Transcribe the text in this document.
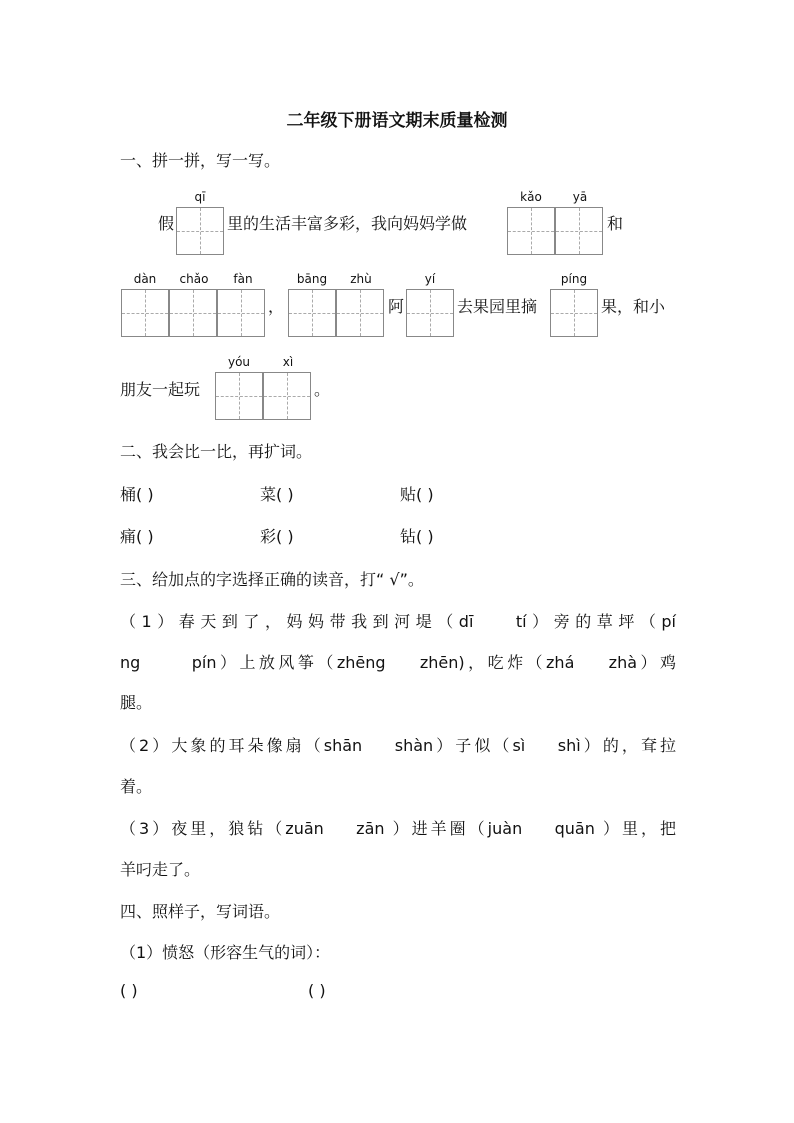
二年级下册语文期末质量检测
一、拼一拼，写一写。
qī	kǎo	yā
假	里的生活丰富多彩，我向妈妈学做	和
dàn	chǎo	fàn	bāng	zhù	yí	píng
，	阿	去果园里摘	果，和小
yóu	xì
朋友一起玩	。
二、我会比一比，再扩词。
桶( )	菜( )	贴( )
痛( )	彩( )	钻( )
三、给加点的字选择正确的读音，打“ √”。
（1）春天到了，妈妈带我到河堤（dī    tí）旁的草坪（pí
ng      pín）上放风筝（zhēng    zhēn)，吃炸（zhá    zhà）鸡
腿。
（2）大象的耳朵像扇（shān    shàn）子似（sì    shì）的，耷拉
着。
（3）夜里，狼钻（zuān    zān ）进羊圈（juàn    quān ）里，把
羊叼走了。
四、照样子，写词语。
（1）愤怒（形容生气的词）：
( )	( )
